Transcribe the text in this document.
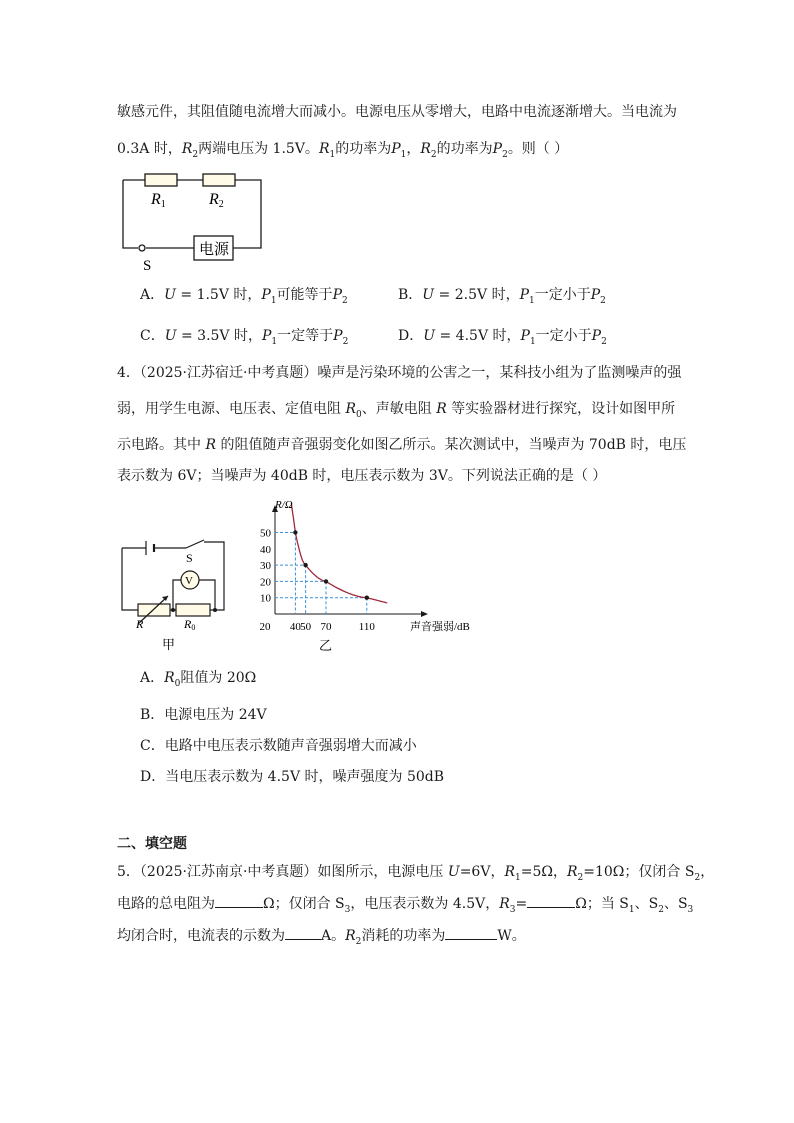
敏感元件，其阻值随电流增大而减小。电源电压从零增大，电路中电流逐渐增大。当电流为
0.3A 时，$R_2$两端电压为 1.5V。$R_1$的功率为$P_1$，$R_2$的功率为$P_2$。则（ ）
R1	R2
电源
S
A．U = 1.5V 时，$P_1$可能等于$P_2$	B．U = 2.5V 时，$P_1$一定小于$P_2$
C．U = 3.5V 时，$P_1$一定等于$P_2$	D．U = 4.5V 时，$P_1$一定小于$P_2$
4．（2025·江苏宿迁·中考真题）噪声是污染环境的公害之一，某科技小组为了监测噪声的强
弱，用学生电源、电压表、定值电阻 $R_0$、声敏电阻 R 等实验器材进行探究，设计如图甲所
示电路。其中 R 的阻值随声音强弱变化如图乙所示。某次测试中，当噪声为 70dB 时，电压
表示数为 6V；当噪声为 40dB 时，电压表示数为 3V。下列说法正确的是（ ）
S
V
R	R0
甲
10
20
30
40
50
20 40 50 70 110
R/Ω
声音强弱/dB
乙
A．$R_0$阻值为 20Ω
B．电源电压为 24V
C．电路中电压表示数随声音强弱增大而减小
D．当电压表示数为 4.5V 时，噪声强度为 50dB
二、填空题
5．（2025·江苏南京·中考真题）如图所示，电源电压 U=6V，$R_1=5\Omega$，$R_2=10\Omega$；仅闭合 $S_2$，
电路的总电阻为	Ω；仅闭合 $S_3$，电压表示数为 4.5V，$R_3=$	Ω；当 $S_1$、$S_2$、$S_3$
均闭合时，电流表的示数为	A。$R_2$消耗的功率为	W。
